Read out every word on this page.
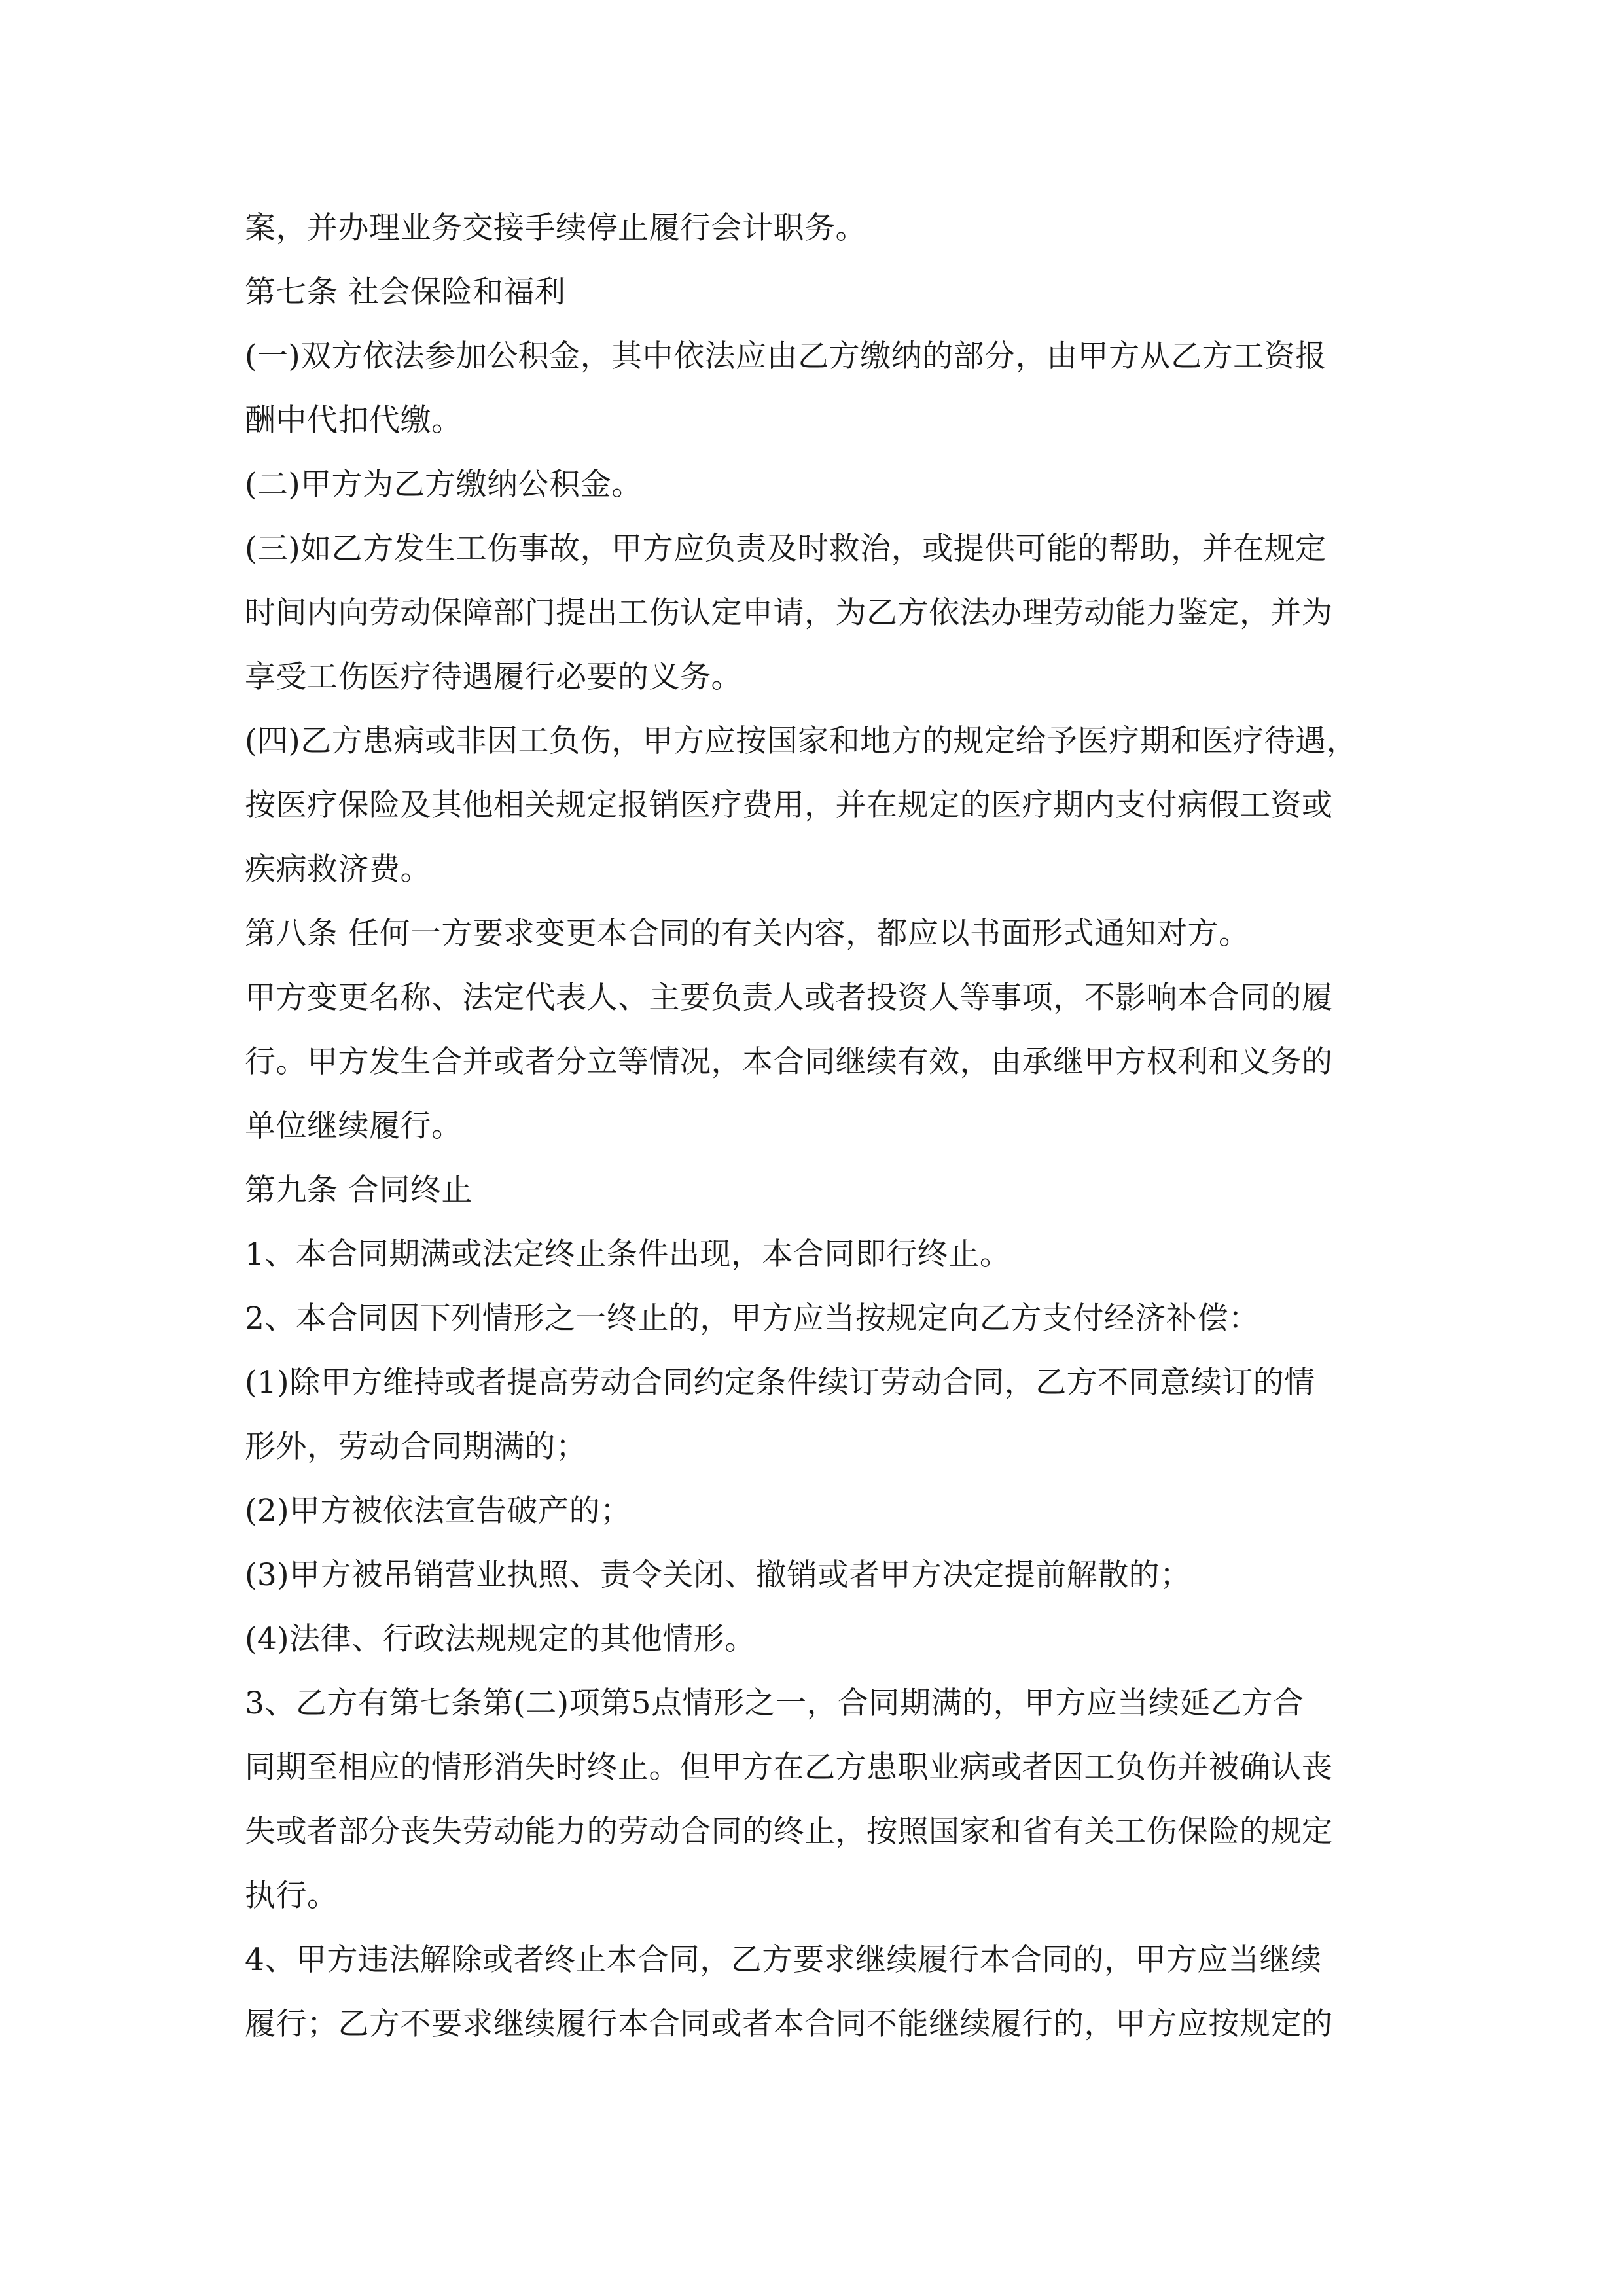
案，并办理业务交接手续停止履行会计职务。
第七条 社会保险和福利
(一)双方依法参加公积金，其中依法应由乙方缴纳的部分，由甲方从乙方工资报
酬中代扣代缴。
(二)甲方为乙方缴纳公积金。
(三)如乙方发生工伤事故，甲方应负责及时救治，或提供可能的帮助，并在规定
时间内向劳动保障部门提出工伤认定申请，为乙方依法办理劳动能力鉴定，并为
享受工伤医疗待遇履行必要的义务。
(四)乙方患病或非因工负伤，甲方应按国家和地方的规定给予医疗期和医疗待遇，
按医疗保险及其他相关规定报销医疗费用，并在规定的医疗期内支付病假工资或
疾病救济费。
第八条 任何一方要求变更本合同的有关内容，都应以书面形式通知对方。
甲方变更名称、法定代表人、主要负责人或者投资人等事项，不影响本合同的履
行。甲方发生合并或者分立等情况，本合同继续有效，由承继甲方权利和义务的
单位继续履行。
第九条 合同终止
1、本合同期满或法定终止条件出现，本合同即行终止。
2、本合同因下列情形之一终止的，甲方应当按规定向乙方支付经济补偿：
(1)除甲方维持或者提高劳动合同约定条件续订劳动合同，乙方不同意续订的情
形外，劳动合同期满的；
(2)甲方被依法宣告破产的；
(3)甲方被吊销营业执照、责令关闭、撤销或者甲方决定提前解散的；
(4)法律、行政法规规定的其他情形。
3、乙方有第七条第(二)项第5点情形之一，合同期满的，甲方应当续延乙方合
同期至相应的情形消失时终止。但甲方在乙方患职业病或者因工负伤并被确认丧
失或者部分丧失劳动能力的劳动合同的终止，按照国家和省有关工伤保险的规定
执行。
4、甲方违法解除或者终止本合同，乙方要求继续履行本合同的，甲方应当继续
履行；乙方不要求继续履行本合同或者本合同不能继续履行的，甲方应按规定的
